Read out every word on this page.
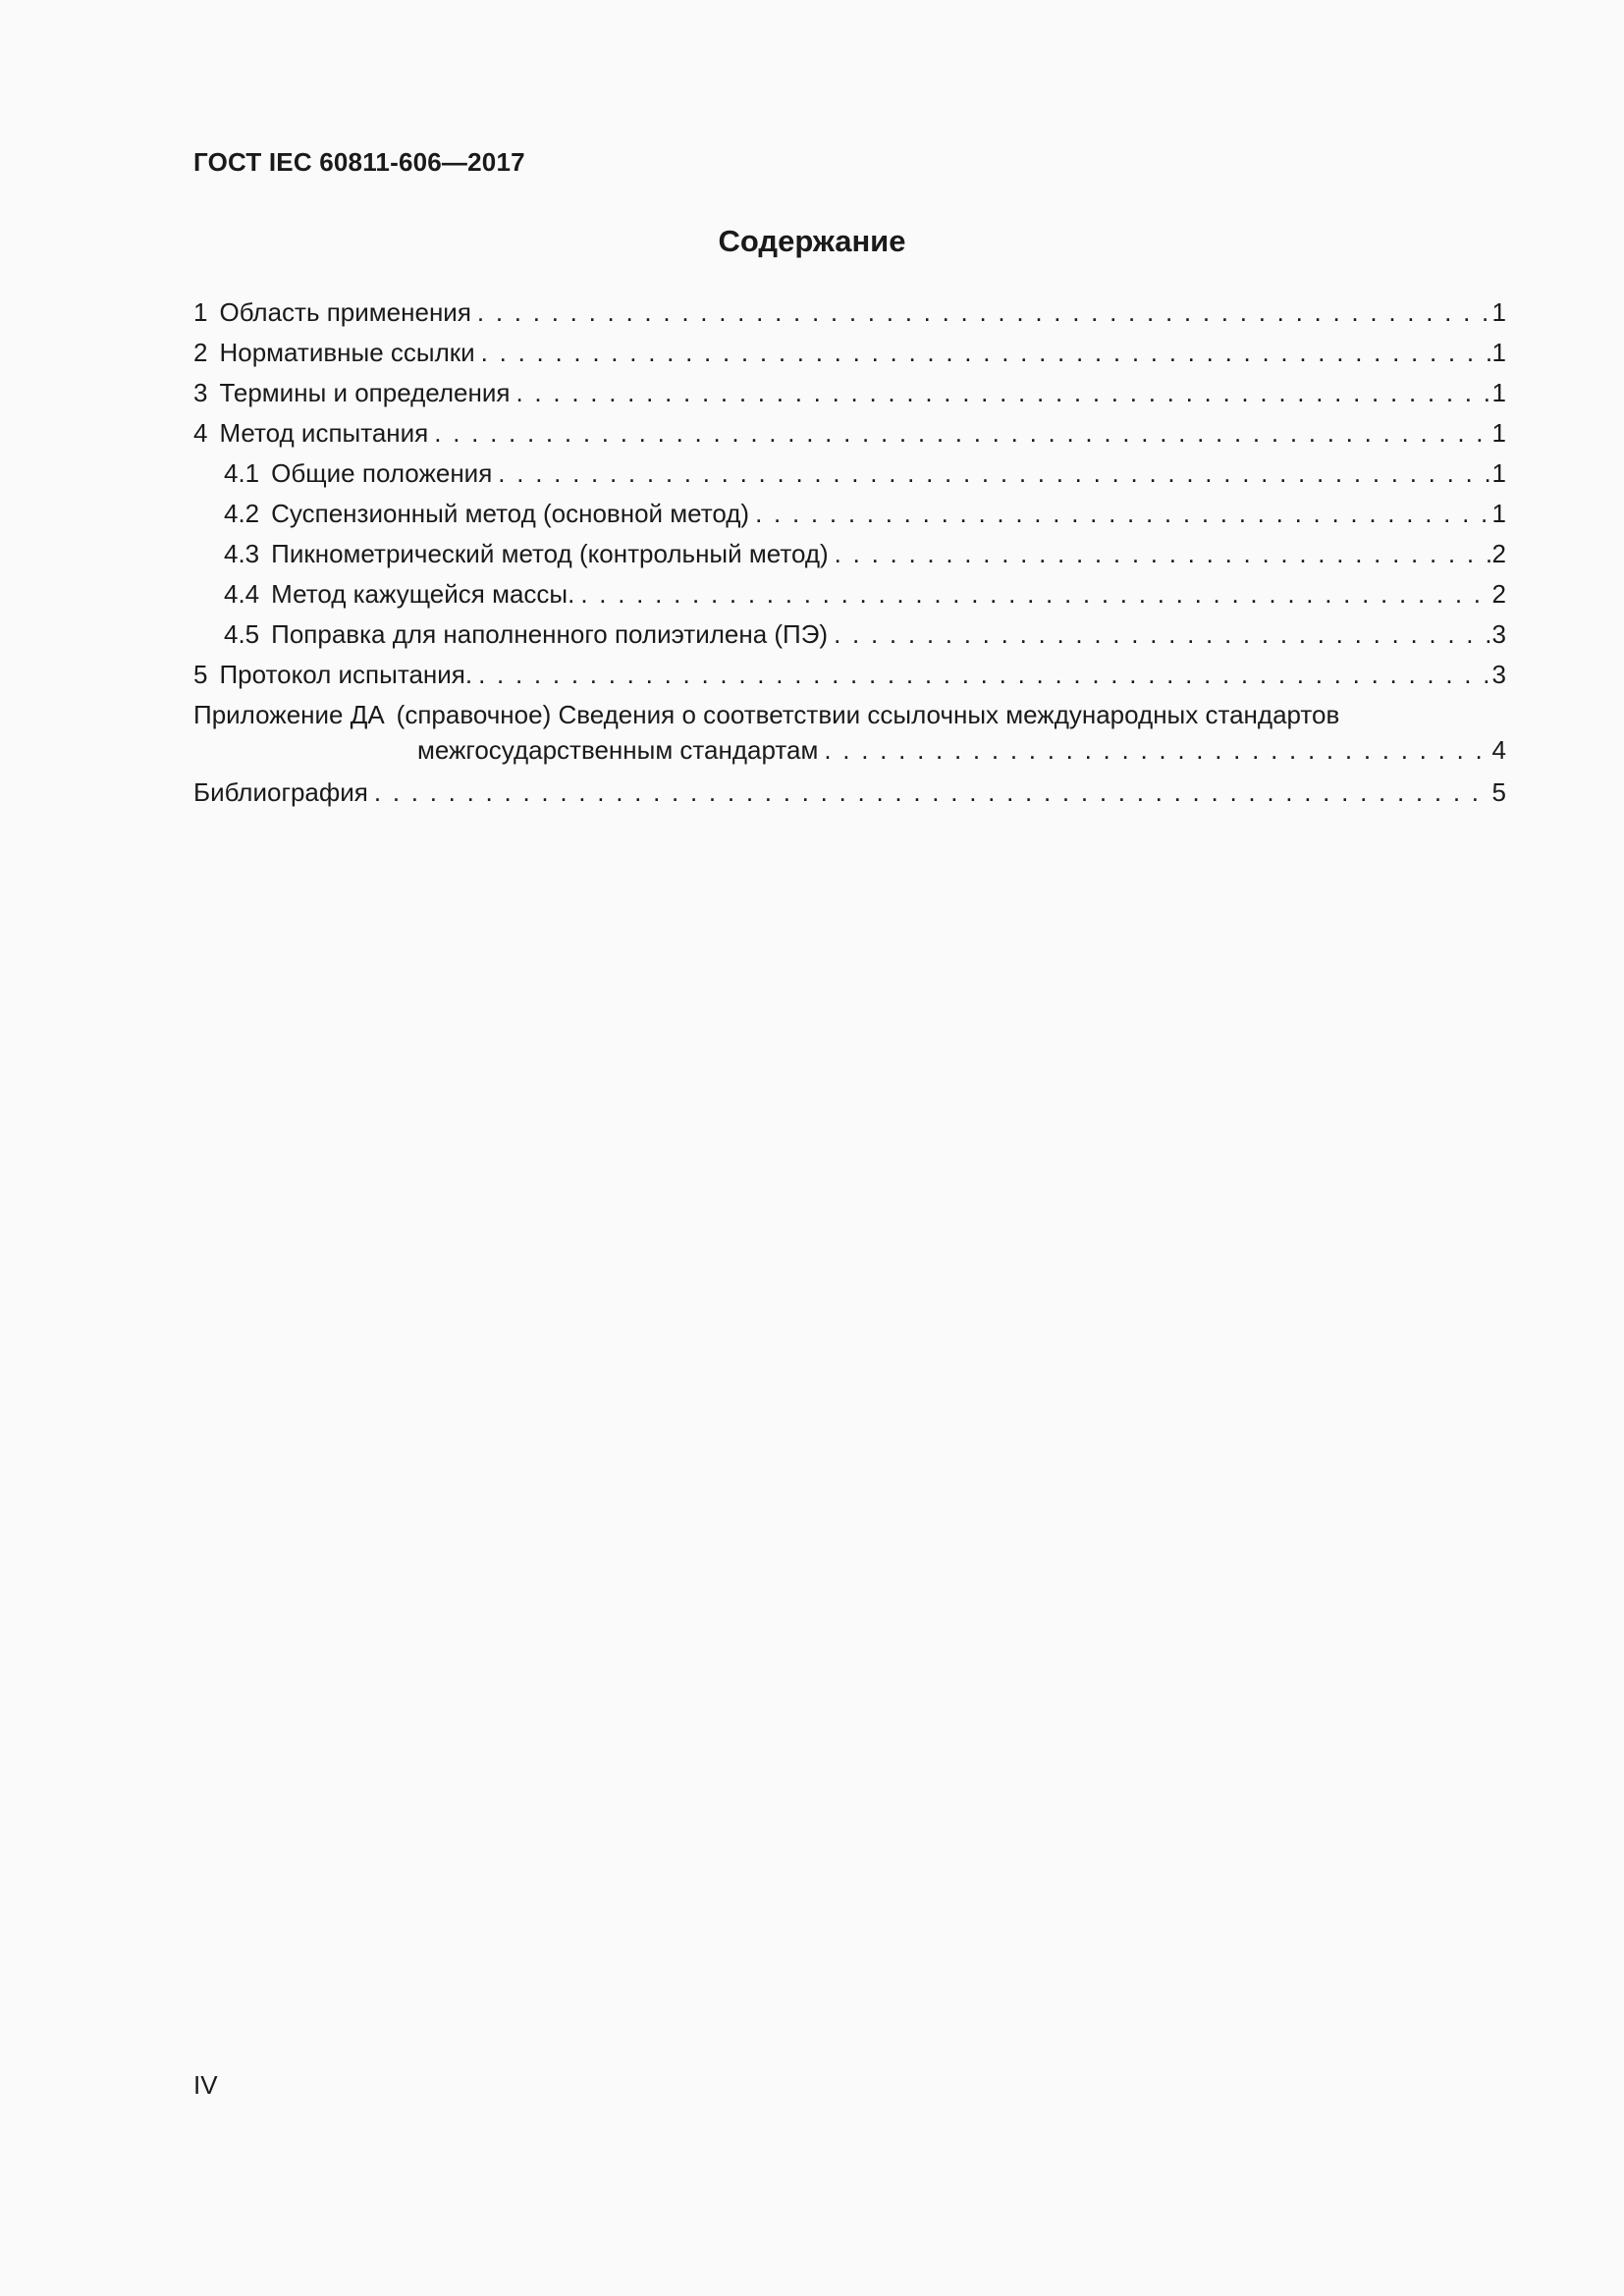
ГОСТ IEC 60811-606—2017
Содержание
1 Область применения . . .	1
2 Нормативные ссылки . . .	1
3 Термины и определения . . .	1
4 Метод испытания . . .	1
4.1 Общие положения . . .	1
4.2 Суспензионный метод (основной метод) . . .	1
4.3 Пикнометрический метод (контрольный метод) . . .	2
4.4 Метод кажущейся массы. . . .	2
4.5 Поправка для наполненного полиэтилена (ПЭ) . . .	3
5 Протокол испытания. . . .	3
Приложение ДА (справочное) Сведения о соответствии ссылочных международных стандартов
межгосударственным стандартам . . .	4
Библиография . . .	5
IV
